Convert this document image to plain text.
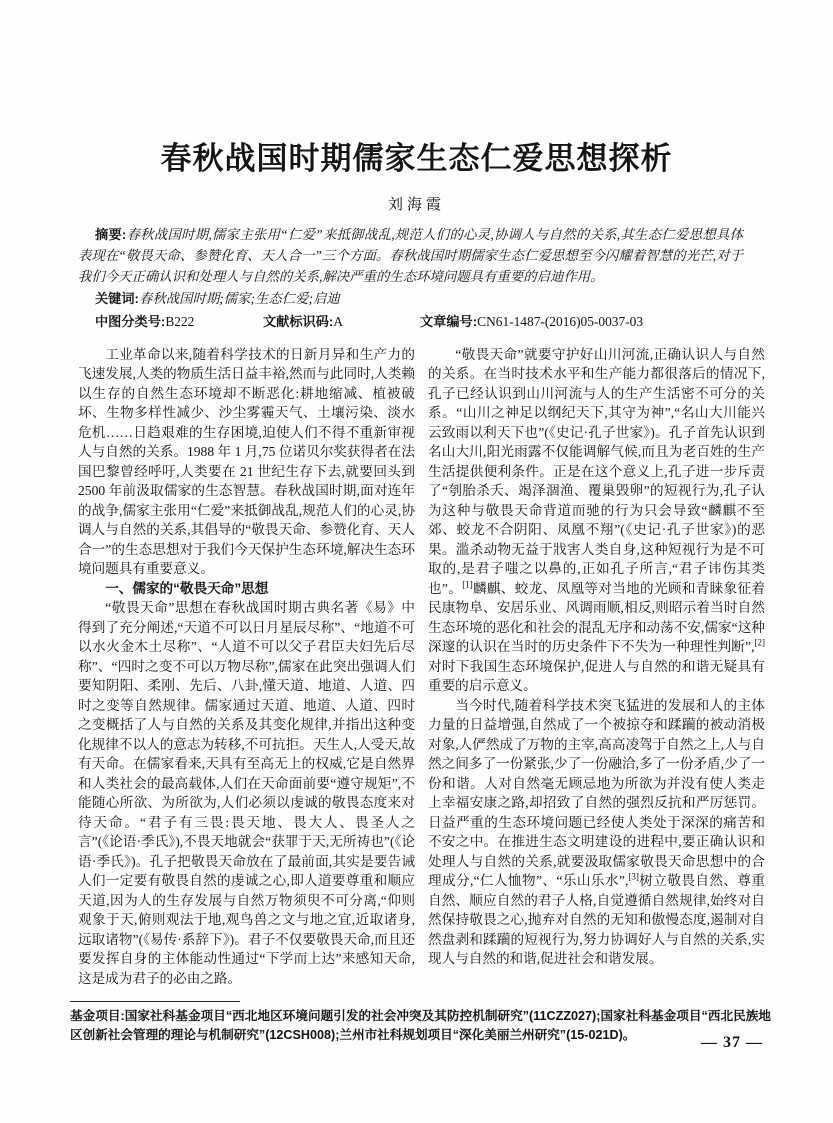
春秋战国时期儒家生态仁爱思想探析
刘海霞
摘要:春秋战国时期,儒家主张用“仁爱”来抵御战乱,规范人们的心灵,协调人与自然的关系,其生态仁爱思想具体表现在“敬畏天命、参赞化育、天人合一”三个方面。春秋战国时期儒家生态仁爱思想至今闪耀着智慧的光芒,对于我们今天正确认识和处理人与自然的关系,解决严重的生态环境问题具有重要的启迪作用。
关键词:春秋战国时期;儒家;生态仁爱;启迪
中图分类号:B222	文献标识码:A	文章编号:CN61-1487-(2016)05-0037-03

工业革命以来,随着科学技术的日新月异和生产力的飞速发展,人类的物质生活日益丰裕,然而与此同时,人类赖以生存的自然生态环境却不断恶化:耕地缩减、植被破坏、生物多样性减少、沙尘雾霾天气、土壤污染、淡水危机……日趋艰难的生存困境,迫使人们不得不重新审视人与自然的关系。1988 年 1 月,75 位诺贝尔奖获得者在法国巴黎曾经呼吁,人类要在 21 世纪生存下去,就要回头到 2500 年前汲取儒家的生态智慧。春秋战国时期,面对连年的战争,儒家主张用“仁爱”来抵御战乱,规范人们的心灵,协调人与自然的关系,其倡导的“敬畏天命、参赞化育、天人合一”的生态思想对于我们今天保护生态环境,解决生态环境问题具有重要意义。

一、儒家的“敬畏天命”思想

“敬畏天命”思想在春秋战国时期古典名著《易》中得到了充分阐述,“天道不可以日月星辰尽称”、“地道不可以水火金木土尽称”、“人道不可以父子君臣夫妇先后尽称”、“四时之变不可以万物尽称”,儒家在此突出强调人们要知阴阳、柔刚、先后、八卦,懂天道、地道、人道、四时之变等自然规律。儒家通过天道、地道、人道、四时之变概括了人与自然的关系及其变化规律,并指出这种变化规律不以人的意志为转移,不可抗拒。天生人,人受天,故有天命。在儒家看来,天具有至高无上的权威,它是自然界和人类社会的最高载体,人们在天命面前要“遵守规矩”,不能随心所欲、为所欲为,人们必须以虔诚的敬畏态度来对待天命。“君子有三畏:畏天地、畏大人、畏圣人之言”(《论语·季氏》),不畏天地就会“获罪于天,无所祷也”(《论语·季氏》)。孔子把敬畏天命放在了最前面,其实是要告诫人们一定要有敬畏自然的虔诚之心,即人道要尊重和顺应天道,因为人的生存发展与自然万物须臾不可分离,“仰则观象于天,俯则观法于地,观鸟兽之文与地之宜,近取诸身,远取诸物”(《易传·系辞下》)。君子不仅要敬畏天命,而且还要发挥自身的主体能动性通过“下学而上达”来感知天命,这是成为君子的必由之路。

“敬畏天命”就要守护好山川河流,正确认识人与自然的关系。在当时技术水平和生产能力都很落后的情况下,孔子已经认识到山川河流与人的生产生活密不可分的关系。“山川之神足以纲纪天下,其守为神”,“名山大川能兴云致雨以利天下也”(《史记·孔子世家》)。孔子首先认识到名山大川,阳光雨露不仅能调解气候,而且为老百姓的生产生活提供便利条件。正是在这个意义上,孔子进一步斥责了“刳胎杀夭、竭泽涸渔、覆巢毁卵”的短视行为,孔子认为这种与敬畏天命背道而驰的行为只会导致“麟麒不至郊、蛟龙不合阴阳、凤凰不翔”(《史记·孔子世家》)的恶果。滥杀动物无益于戕害人类自身,这种短视行为是不可取的,是君子嗤之以鼻的,正如孔子所言,“君子讳伤其类也”。[1]麟麒、蛟龙、凤凰等对当地的光顾和青睐象征着民康物阜、安居乐业、风调雨顺,相反,则昭示着当时自然生态环境的恶化和社会的混乱无序和动荡不安,儒家“这种深邃的认识在当时的历史条件下不失为一种理性判断”,[2]对时下我国生态环境保护,促进人与自然的和谐无疑具有重要的启示意义。

当今时代,随着科学技术突飞猛进的发展和人的主体力量的日益增强,自然成了一个被掠夺和蹂躏的被动消极对象,人俨然成了万物的主宰,高高凌驾于自然之上,人与自然之间多了一份紧张,少了一份融洽,多了一份矛盾,少了一份和谐。人对自然毫无顾忌地为所欲为并没有使人类走上幸福安康之路,却招致了自然的强烈反抗和严厉惩罚。日益严重的生态环境问题已经使人类处于深深的痛苦和不安之中。在推进生态文明建设的进程中,要正确认识和处理人与自然的关系,就要汲取儒家敬畏天命思想中的合理成分,“仁人恤物”、“乐山乐水”,[3]树立敬畏自然、尊重自然、顺应自然的君子人格,自觉遵循自然规律,始终对自然保持敬畏之心,抛弃对自然的无知和傲慢态度,遏制对自然盘剥和蹂躏的短视行为,努力协调好人与自然的关系,实现人与自然的和谐,促进社会和谐发展。

基金项目:国家社科基金项目“西北地区环境问题引发的社会冲突及其防控机制研究”(11CZZ027);国家社科基金项目“西北民族地区创新社会管理的理论与机制研究”(12CSH008);兰州市社科规划项目“深化美丽兰州研究”(15-021D)。	— 37 —
